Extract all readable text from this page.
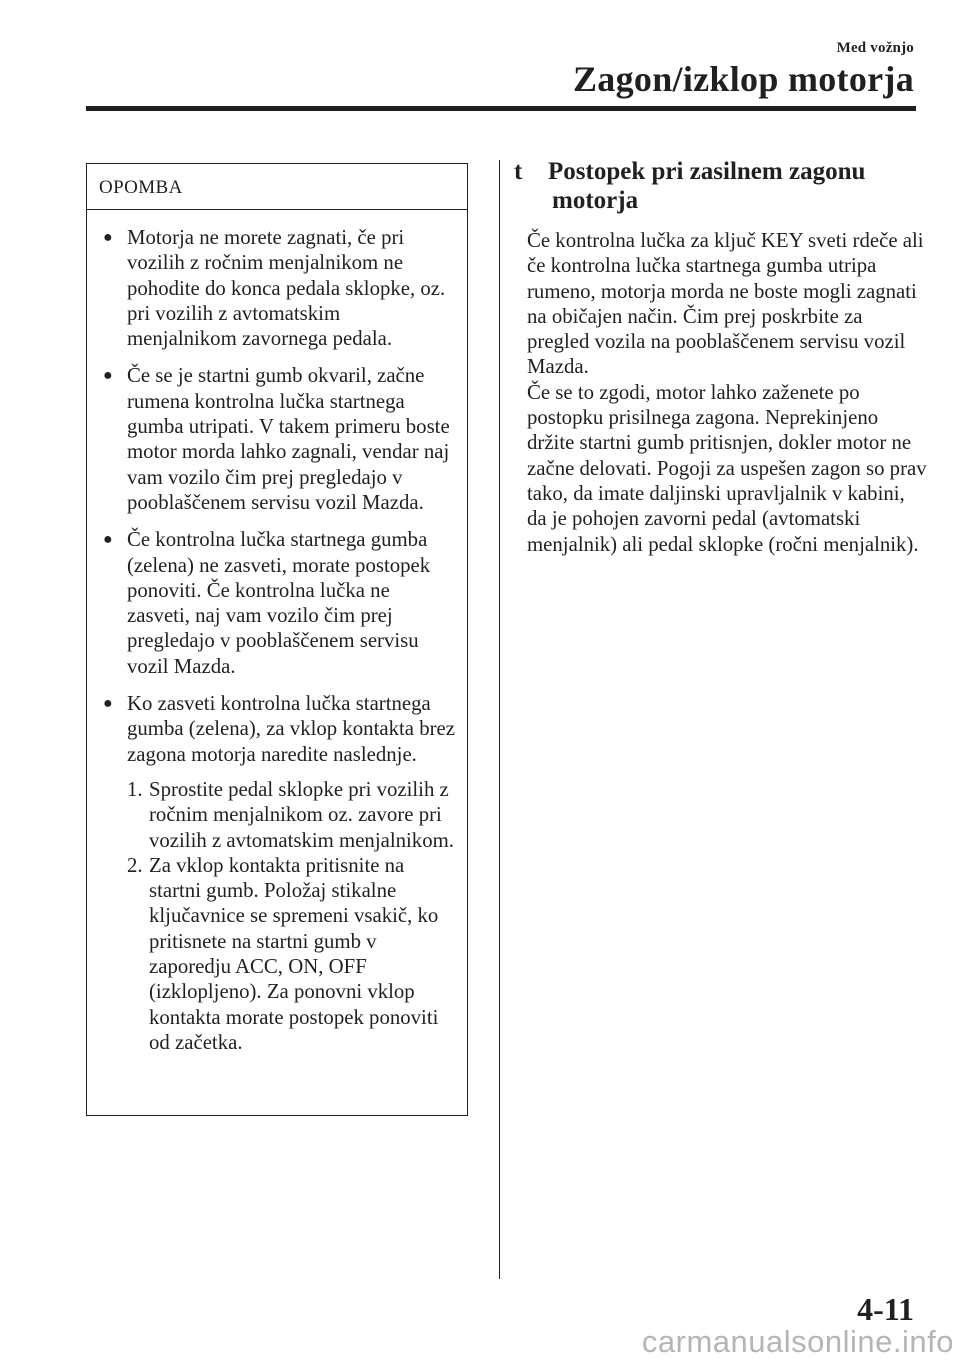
Med vožnjo
Zagon/izklop motorja
OPOMBA
● Motorja ne morete zagnati, če pri vozilih z ročnim menjalnikom ne pohodite do konca pedala sklopke, oz. pri vozilih z avtomatskim menjalnikom zavornega pedala.
● Če se je startni gumb okvaril, začne rumena kontrolna lučka startnega gumba utripati. V takem primeru boste motor morda lahko zagnali, vendar naj vam vozilo čim prej pregledajo v pooblaščenem servisu vozil Mazda.
● Če kontrolna lučka startnega gumba (zelena) ne zasveti, morate postopek ponoviti. Če kontrolna lučka ne zasveti, naj vam vozilo čim prej pregledajo v pooblaščenem servisu vozil Mazda.
● Ko zasveti kontrolna lučka startnega gumba (zelena), za vklop kontakta brez zagona motorja naredite naslednje.
1. Sprostite pedal sklopke pri vozilih z ročnim menjalnikom oz. zavore pri vozilih z avtomatskim menjalnikom.
2. Za vklop kontakta pritisnite na startni gumb. Položaj stikalne ključavnice se spremeni vsakič, ko pritisnete na startni gumb v zaporedju ACC, ON, OFF (izklopljeno). Za ponovni vklop kontakta morate postopek ponoviti od začetka.
t	Postopek pri zasilnem zagonu motorja
Če kontrolna lučka za ključ KEY sveti rdeče ali če kontrolna lučka startnega gumba utripa rumeno, motorja morda ne boste mogli zagnati na običajen način. Čim prej poskrbite za pregled vozila na pooblaščenem servisu vozil Mazda.
Če se to zgodi, motor lahko zaženete po postopku prisilnega zagona. Neprekinjeno držite startni gumb pritisnjen, dokler motor ne začne delovati. Pogoji za uspešen zagon so prav tako, da imate daljinski upravljalnik v kabini, da je pohojen zavorni pedal (avtomatski menjalnik) ali pedal sklopke (ročni menjalnik).
4-11
carmanualsonline.info
